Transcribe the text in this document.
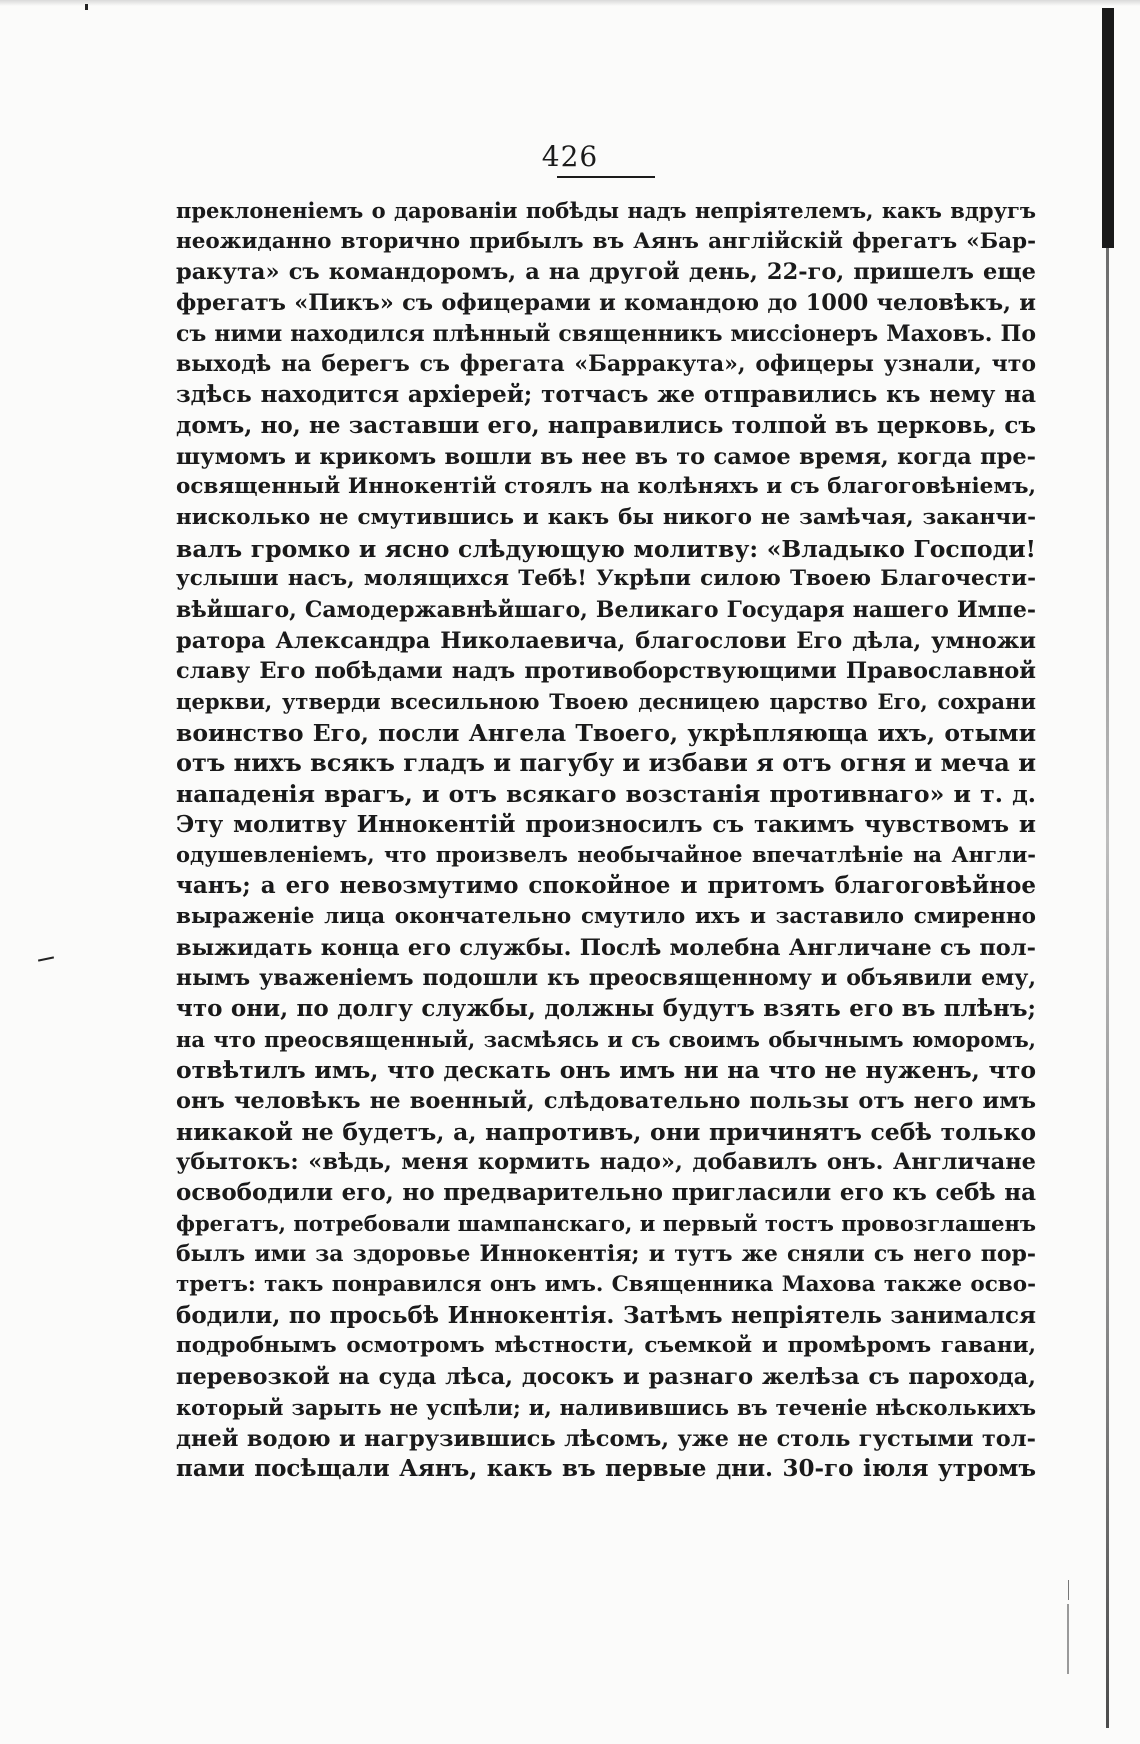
426
преклоненіемъ о дарованіи побѣды надъ непріятелемъ, какъ вдругъ
неожиданно вторично прибылъ въ Аянъ англійскій фрегатъ «Бар-
ракута» съ командоромъ, а на другой день, 22-го, пришелъ еще
фрегатъ «Пикъ» съ офицерами и командою до 1000 человѣкъ, и
съ ними находился плѣнный священникъ миссіонеръ Маховъ. По
выходѣ на берегъ съ фрегата «Барракута», офицеры узнали, что
здѣсь находится архіерей; тотчасъ же отправились къ нему на
домъ, но, не заставши его, направились толпой въ церковь, съ
шумомъ и крикомъ вошли въ нее въ то самое время, когда пре-
освященный Иннокентій стоялъ на колѣняхъ и съ благоговѣніемъ,
нисколько не смутившись и какъ бы никого не замѣчая, заканчи-
валъ громко и ясно слѣдующую молитву: «Владыко Господи!
услыши насъ, молящихся Тебѣ! Укрѣпи силою Твоею Благочести-
вѣйшаго, Самодержавнѣйшаго, Великаго Государя нашего Импе-
ратора Александра Николаевича, благослови Его дѣла, умножи
славу Его побѣдами надъ противоборствующими Православной
церкви, утверди всесильною Твоею десницею царство Его, сохрани
воинство Его, посли Ангела Твоего, укрѣпляюща ихъ, отыми
отъ нихъ всякъ гладъ и пагубу и избави я отъ огня и меча и
нападенія врагъ, и отъ всякаго возстанія противнаго» и т. д.
Эту молитву Иннокентій произносилъ съ такимъ чувствомъ и
одушевленіемъ, что произвелъ необычайное впечатлѣніе на Англи-
чанъ; а его невозмутимо спокойное и притомъ благоговѣйное
выраженіе лица окончательно смутило ихъ и заставило смиренно
выжидать конца его службы. Послѣ молебна Англичане съ пол-
нымъ уваженіемъ подошли къ преосвященному и объявили ему,
что они, по долгу службы, должны будутъ взять его въ плѣнъ;
на что преосвященный, засмѣясь и съ своимъ обычнымъ юморомъ,
отвѣтилъ имъ, что дескать онъ имъ ни на что не нуженъ, что
онъ человѣкъ не военный, слѣдовательно пользы отъ него имъ
никакой не будетъ, а, напротивъ, они причинятъ себѣ только
убытокъ: «вѣдь, меня кормить надо», добавилъ онъ. Англичане
освободили его, но предварительно пригласили его къ себѣ на
фрегатъ, потребовали шампанскаго, и первый тостъ провозглашенъ
былъ ими за здоровье Иннокентія; и тутъ же сняли съ него пор-
третъ: такъ понравился онъ имъ. Священника Махова также осво-
бодили, по просьбѣ Иннокентія. Затѣмъ непріятель занимался
подробнымъ осмотромъ мѣстности, съемкой и промѣромъ гавани,
перевозкой на суда лѣса, досокъ и разнаго желѣза съ парохода,
который зарыть не успѣли; и, наливившись въ теченіе нѣсколькихъ
дней водою и нагрузившись лѣсомъ, уже не столь густыми тол-
пами посѣщали Аянъ, какъ въ первые дни. 30-го іюля утромъ
